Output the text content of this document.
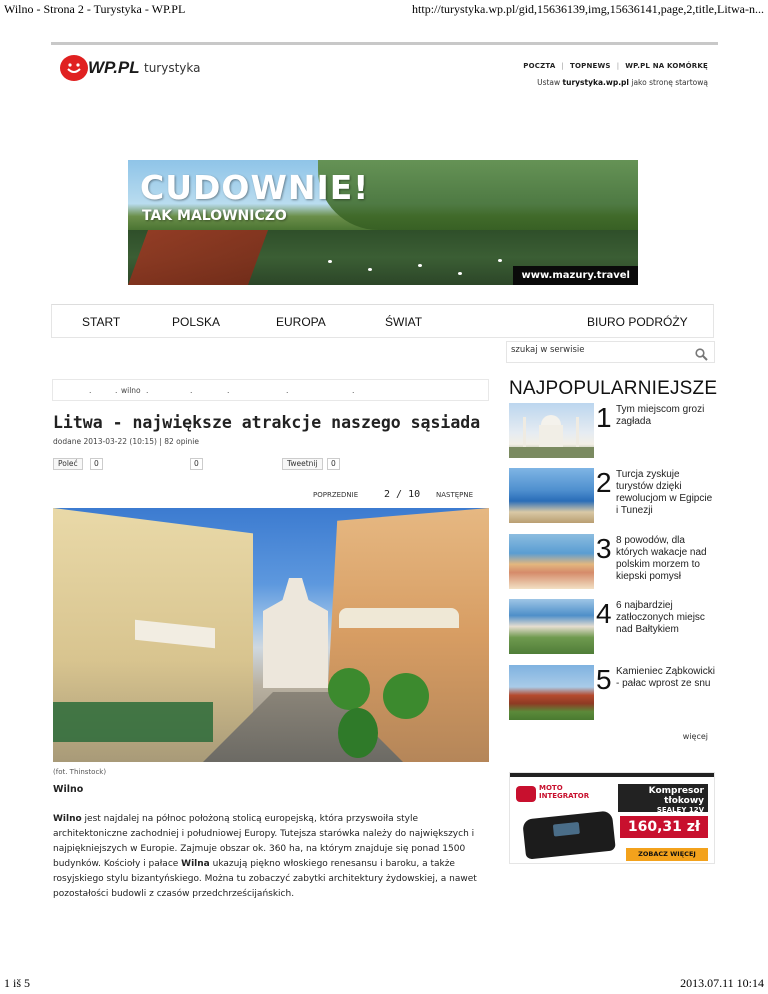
Wilno - Strona 2 - Turystyka - WP.PL	http://turystyka.wp.pl/gid,15636139,img,15636141,page,2,title,Litwa-n...
1 iš 5	2013.07.11 10:14
WP.PL turystyka	POCZTA | TOPNEWS | WP.PL NA KOMÓRKĘ
Ustaw turystyka.wp.pl jako stronę startową
CUDOWNIE!
TAK MALOWNICZO
www.mazury.travel
START	POLSKA	EUROPA	ŚWIAT	BIURO PODRÓŻY
szukaj w serwisie
.	. wilno .	.	.	.	.
Litwa - największe atrakcje naszego sąsiada
dodane 2013-03-22 (10:15) | 82 opinie
Poleć	0	0	Tweetnij	0
POPRZEDNIE	2 / 10 NASTĘPNE
(fot. Thinstock)
Wilno

Wilno jest najdalej na północ położoną stolicą europejską, która przyswoiła style architektoniczne zachodniej i południowej Europy. Tutejsza starówka należy do największych i najpiękniejszych w Europie. Zajmuje obszar ok. 360 ha, na którym znajduje się ponad 1500 budynków. Kościoły i pałace Wilna ukazują piękno włoskiego renesansu i baroku, a także rosyjskiego stylu bizantyńskiego. Można tu zobaczyć zabytki architektury żydowskiej, a nawet pozostałości budowli z czasów przedchrześcijańskich.

NAJPOPULARNIEJSZE
1 Tym miejscom grozi zagłada
2 Turcja zyskuje turystów dzięki rewolucjom w Egipcie i Tunezji
3 8 powodów, dla których wakacje nad polskim morzem to kiepski pomysł
4 6 najbardziej zatłoczonych miejsc nad Bałtykiem
5 Kamieniec Ząbkowicki - pałac wprost ze snu
więcej
MOTO
INTEGRATOR	Kompresor tłokowy
SEALEY 12V
160,31 zł
ZOBACZ WIĘCEJ
